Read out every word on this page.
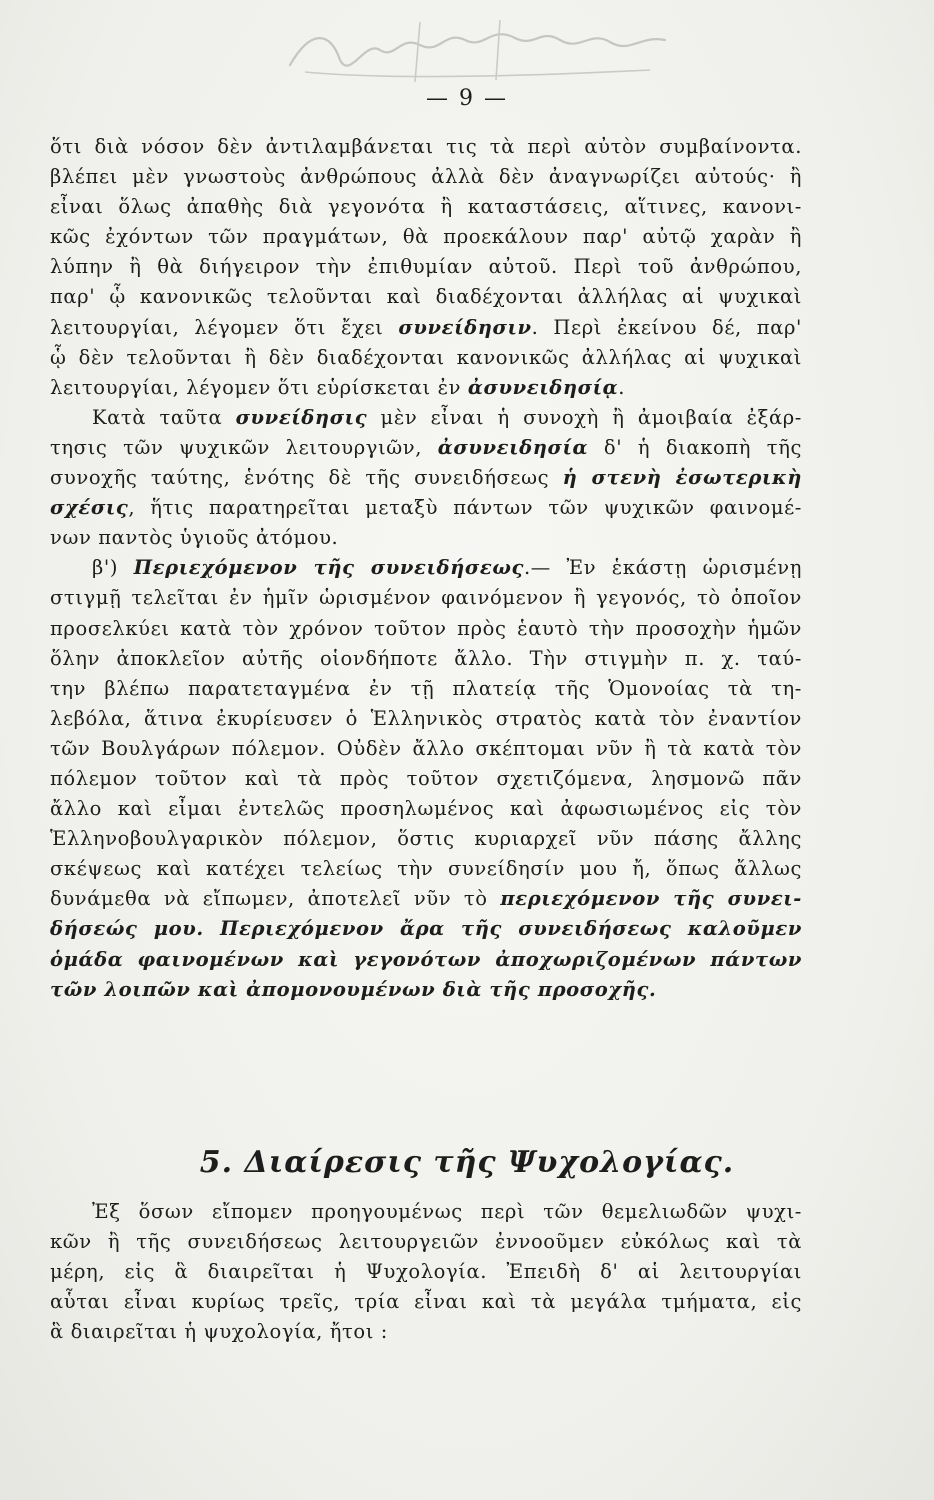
— 9 —
ὅτι διὰ νόσον δὲν ἀντιλαμβάνεται τις τὰ περὶ αὐτὸν συμβαίνοντα.
βλέπει μὲν γνωστοὺς ἀνθρώπους ἀλλὰ δὲν ἀναγνωρίζει αὐτούς· ἢ
εἶναι ὅλως ἀπαθὴς διὰ γεγονότα ἢ καταστάσεις, αἵτινες, κανονι-
κῶς ἐχόντων τῶν πραγμάτων, θὰ προεκάλουν παρ' αὐτῷ χαρὰν ἢ
λύπην ἢ θὰ διήγειρον τὴν ἐπιθυμίαν αὐτοῦ. Περὶ τοῦ ἀνθρώπου,
παρ' ᾧ κανονικῶς τελοῦνται καὶ διαδέχονται ἀλλήλας αἱ ψυχικαὶ
λειτουργίαι, λέγομεν ὅτι ἔχει συνείδησιν. Περὶ ἐκείνου δέ, παρ'
ᾧ δὲν τελοῦνται ἢ δὲν διαδέχονται κανονικῶς ἀλλήλας αἱ ψυχικαὶ
λειτουργίαι, λέγομεν ὅτι εὑρίσκεται ἐν ἀσυνειδησίᾳ.
Κατὰ ταῦτα συνείδησις μὲν εἶναι ἡ συνοχὴ ἢ ἀμοιβαία ἐξάρ-
τησις τῶν ψυχικῶν λειτουργιῶν, ἀσυνειδησία δ' ἡ διακοπὴ τῆς
συνοχῆς ταύτης, ἑνότης δὲ τῆς συνειδήσεως ἡ στενὴ ἐσωτερικὴ
σχέσις, ἥτις παρατηρεῖται μεταξὺ πάντων τῶν ψυχικῶν φαινομέ-
νων παντὸς ὑγιοῦς ἀτόμου.
β') Περιεχόμενον τῆς συνειδήσεως.— Ἐν ἑκάστῃ ὡρισμένῃ
στιγμῇ τελεῖται ἐν ἡμῖν ὡρισμένον φαινόμενον ἢ γεγονός, τὸ ὁποῖον
προσελκύει κατὰ τὸν χρόνον τοῦτον πρὸς ἑαυτὸ τὴν προσοχὴν ἡμῶν
ὅλην ἀποκλεῖον αὐτῆς οἱονδήποτε ἄλλο. Τὴν στιγμὴν π. χ. ταύ-
την βλέπω παρατεταγμένα ἐν τῇ πλατείᾳ τῆς Ὁμονοίας τὰ τη-
λεβόλα, ἅτινα ἐκυρίευσεν ὁ Ἑλληνικὸς στρατὸς κατὰ τὸν ἐναντίον
τῶν Βουλγάρων πόλεμον. Οὐδὲν ἄλλο σκέπτομαι νῦν ἢ τὰ κατὰ τὸν
πόλεμον τοῦτον καὶ τὰ πρὸς τοῦτον σχετιζόμενα, λησμονῶ πᾶν
ἄλλο καὶ εἶμαι ἐντελῶς προσηλωμένος καὶ ἀφωσιωμένος εἰς τὸν
Ἑλληνοβουλγαρικὸν πόλεμον, ὅστις κυριαρχεῖ νῦν πάσης ἄλλης
σκέψεως καὶ κατέχει τελείως τὴν συνείδησίν μου ἤ, ὅπως ἄλλως
δυνάμεθα νὰ εἴπωμεν, ἀποτελεῖ νῦν τὸ περιεχόμενον τῆς συνει-
δήσεώς μου. Περιεχόμενον ἄρα τῆς συνειδήσεως καλοῦμεν
ὁμάδα φαινομένων καὶ γεγονότων ἀποχωριζομένων πάντων
τῶν λοιπῶν καὶ ἀπομονουμένων διὰ τῆς προσοχῆς.
5. Διαίρεσις τῆς Ψυχολογίας.
Ἐξ ὅσων εἴπομεν προηγουμένως περὶ τῶν θεμελιωδῶν ψυχι-
κῶν ἢ τῆς συνειδήσεως λειτουργειῶν ἐννοοῦμεν εὐκόλως καὶ τὰ
μέρη, εἰς ἃ διαιρεῖται ἡ Ψυχολογία. Ἐπειδὴ δ' αἱ λειτουργίαι
αὗται εἶναι κυρίως τρεῖς, τρία εἶναι καὶ τὰ μεγάλα τμήματα, εἰς
ἃ διαιρεῖται ἡ ψυχολογία, ἤτοι :
